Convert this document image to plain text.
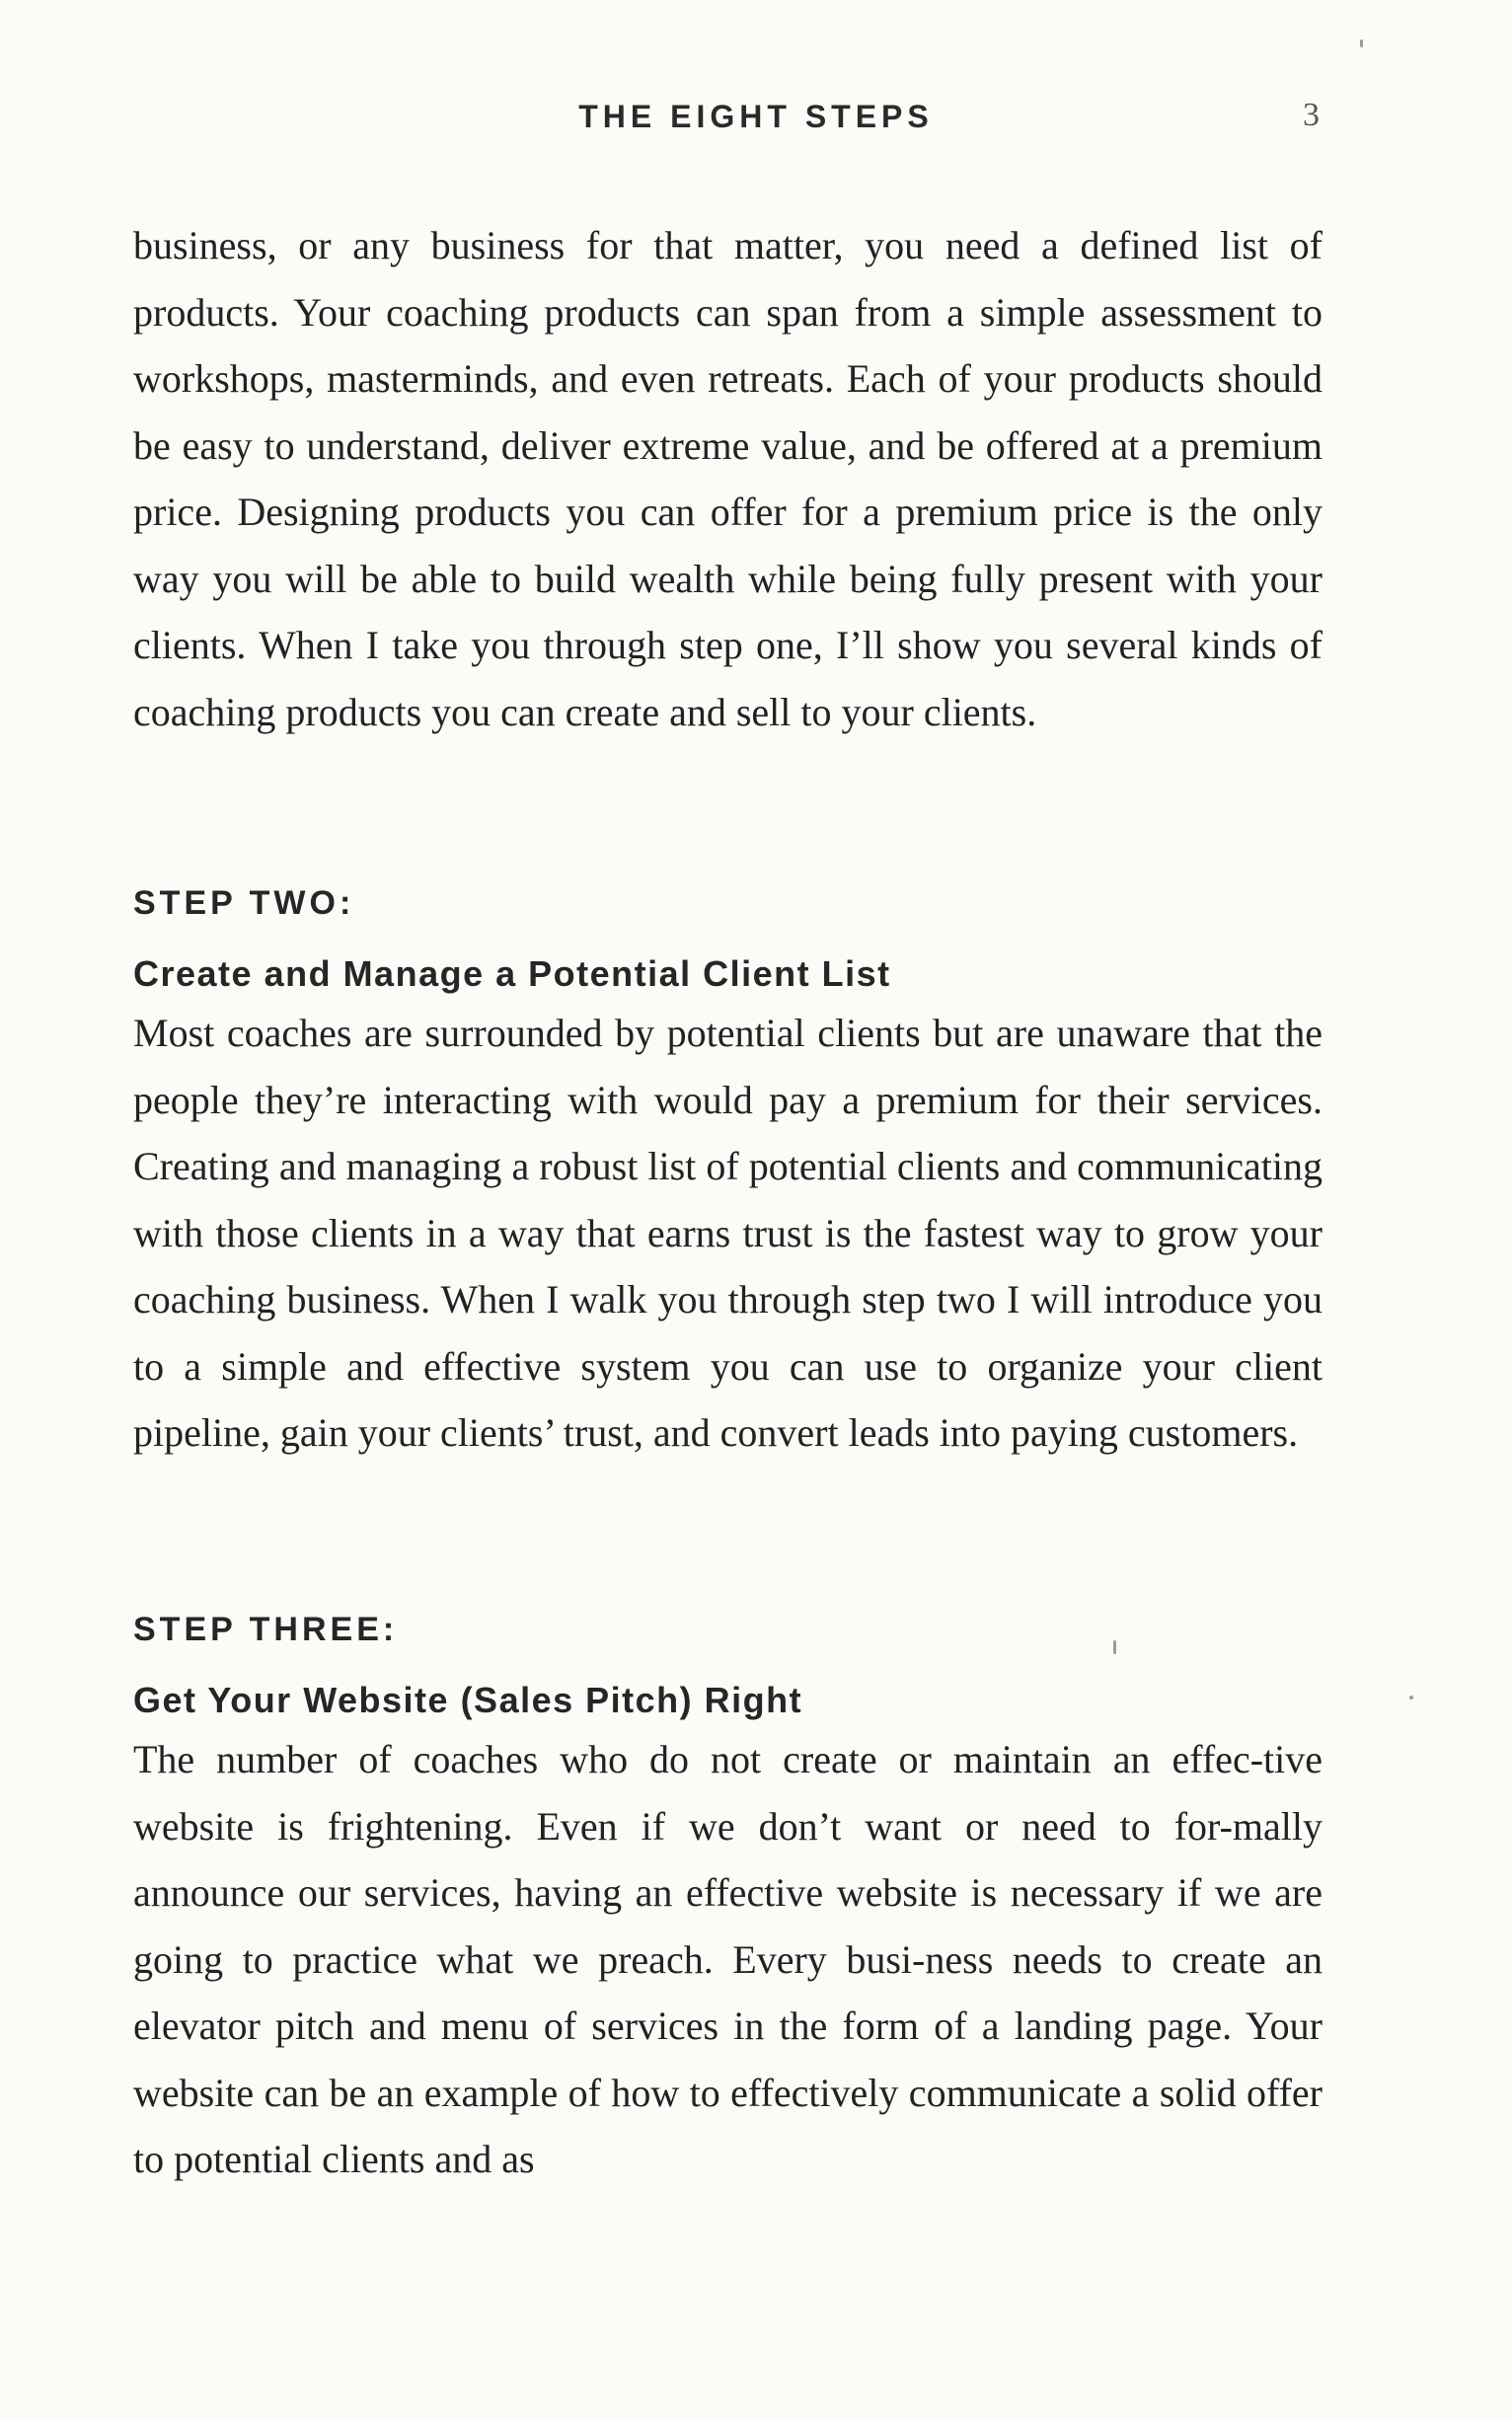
THE EIGHT STEPS	3

business, or any business for that matter, you need a defined list of products. Your coaching products can span from a simple assessment to workshops, masterminds, and even retreats. Each of your products should be easy to understand, deliver extreme value, and be offered at a premium price. Designing products you can offer for a premium price is the only way you will be able to build wealth while being fully present with your clients. When I take you through step one, I’ll show you several kinds of coaching products you can create and sell to your clients.

STEP TWO:

Create and Manage a Potential Client List

Most coaches are surrounded by potential clients but are unaware that the people they’re interacting with would pay a premium for their services. Creating and managing a robust list of potential clients and communicating with those clients in a way that earns trust is the fastest way to grow your coaching business. When I walk you through step two I will introduce you to a simple and effective system you can use to organize your client pipeline, gain your clients’ trust, and convert leads into paying customers.

STEP THREE:

Get Your Website (Sales Pitch) Right

The number of coaches who do not create or maintain an effec-tive website is frightening. Even if we don’t want or need to for-mally announce our services, having an effective website is necessary if we are going to practice what we preach. Every busi-ness needs to create an elevator pitch and menu of services in the form of a landing page. Your website can be an example of how to effectively communicate a solid offer to potential clients and as
